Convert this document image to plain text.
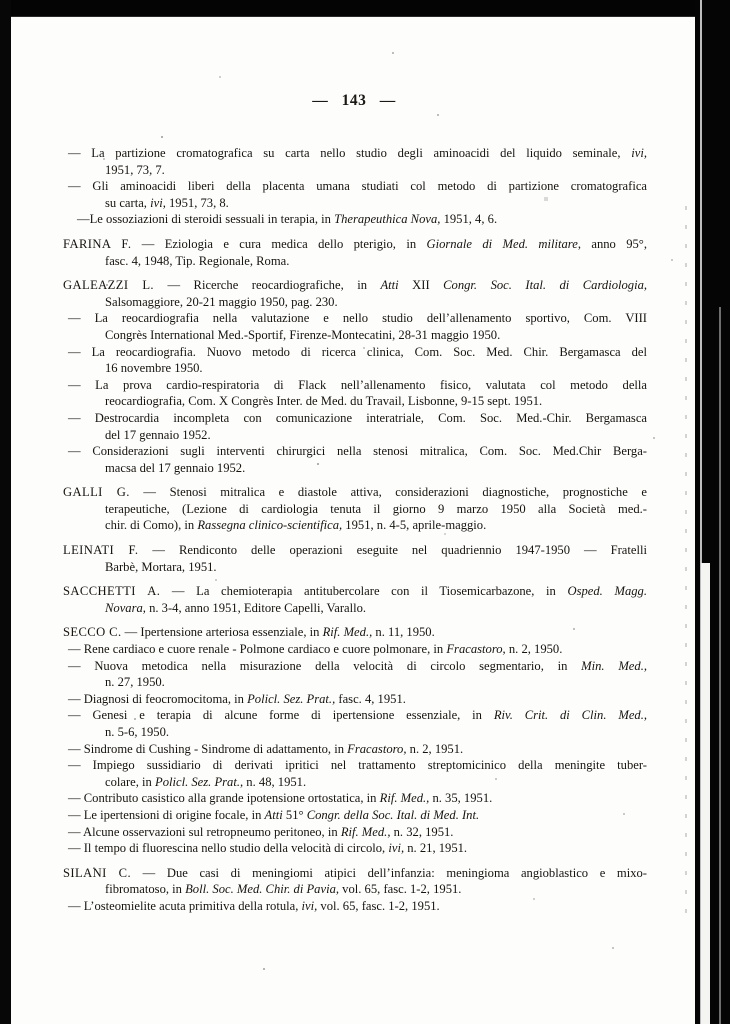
— 143 —
— La partizione cromatografica su carta nello studio degli aminoacidi del liquido seminale, ivi,
1951, 73, 7.
— Gli aminoacidi liberi della placenta umana studiati col metodo di partizione cromatografica
su carta, ivi, 1951, 73, 8.
—Le ossoziazioni di steroidi sessuali in terapia, in Therapeuthica Nova, 1951, 4, 6.
FARINA F. — Eziologia e cura medica dello pterigio, in Giornale di Med. militare, anno 95°,
fasc. 4, 1948, Tip. Regionale, Roma.
GALEAZZI L. — Ricerche reocardiografiche, in Atti XII Congr. Soc. Ital. di Cardiologia,
Salsomaggiore, 20-21 maggio 1950, pag. 230.
— La reocardiografia nella valutazione e nello studio dell’allenamento sportivo, Com. VIII
Congrès International Med.-Sportif, Firenze-Montecatini, 28-31 maggio 1950.
— La reocardiografia. Nuovo metodo di ricerca clinica, Com. Soc. Med. Chir. Bergamasca del
16 novembre 1950.
— La prova cardio-respiratoria di Flack nell’allenamento fisico, valutata col metodo della
reocardiografia, Com. X Congrès Inter. de Med. du Travail, Lisbonne, 9-15 sept. 1951.
— Destrocardia incompleta con comunicazione interatriale, Com. Soc. Med.-Chir. Bergamasca
del 17 gennaio 1952.
— Considerazioni sugli interventi chirurgici nella stenosi mitralica, Com. Soc. Med.Chir Berga-
macsa del 17 gennaio 1952.
GALLI G. — Stenosi mitralica e diastole attiva, considerazioni diagnostiche, prognostiche e
terapeutiche, (Lezione di cardiologia tenuta il giorno 9 marzo 1950 alla Società med.-
chir. di Como), in Rassegna clinico-scientifica, 1951, n. 4-5, aprile-maggio.
LEINATI F. — Rendiconto delle operazioni eseguite nel quadriennio 1947-1950 — Fratelli
Barbè, Mortara, 1951.
SACCHETTI A. — La chemioterapia antitubercolare con il Tiosemicarbazone, in Osped. Magg.
Novara, n. 3-4, anno 1951, Editore Capelli, Varallo.
SECCO C. — Ipertensione arteriosa essenziale, in Rif. Med., n. 11, 1950.
— Rene cardiaco e cuore renale - Polmone cardiaco e cuore polmonare, in Fracastoro, n. 2, 1950.
— Nuova metodica nella misurazione della velocità di circolo segmentario, in Min. Med.,
n. 27, 1950.
— Diagnosi di feocromocitoma, in Policl. Sez. Prat., fasc. 4, 1951.
— Genesi e terapia di alcune forme di ipertensione essenziale, in Riv. Crit. di Clin. Med.,
n. 5-6, 1950.
— Sindrome di Cushing - Sindrome di adattamento, in Fracastoro, n. 2, 1951.
— Impiego sussidiario di derivati ipritici nel trattamento streptomicinico della meningite tuber-
colare, in Policl. Sez. Prat., n. 48, 1951.
— Contributo casistico alla grande ipotensione ortostatica, in Rif. Med., n. 35, 1951.
— Le ipertensioni di origine focale, in Atti 51° Congr. della Soc. Ital. di Med. Int.
— Alcune osservazioni sul retropneumo peritoneo, in Rif. Med., n. 32, 1951.
— Il tempo di fluorescina nello studio della velocità di circolo, ivi, n. 21, 1951.
SILANI C. — Due casi di meningiomi atipici dell’infanzia: meningioma angioblastico e mixo-
fibromatoso, in Boll. Soc. Med. Chir. di Pavia, vol. 65, fasc. 1-2, 1951.
— L’osteomielite acuta primitiva della rotula, ivi, vol. 65, fasc. 1-2, 1951.
